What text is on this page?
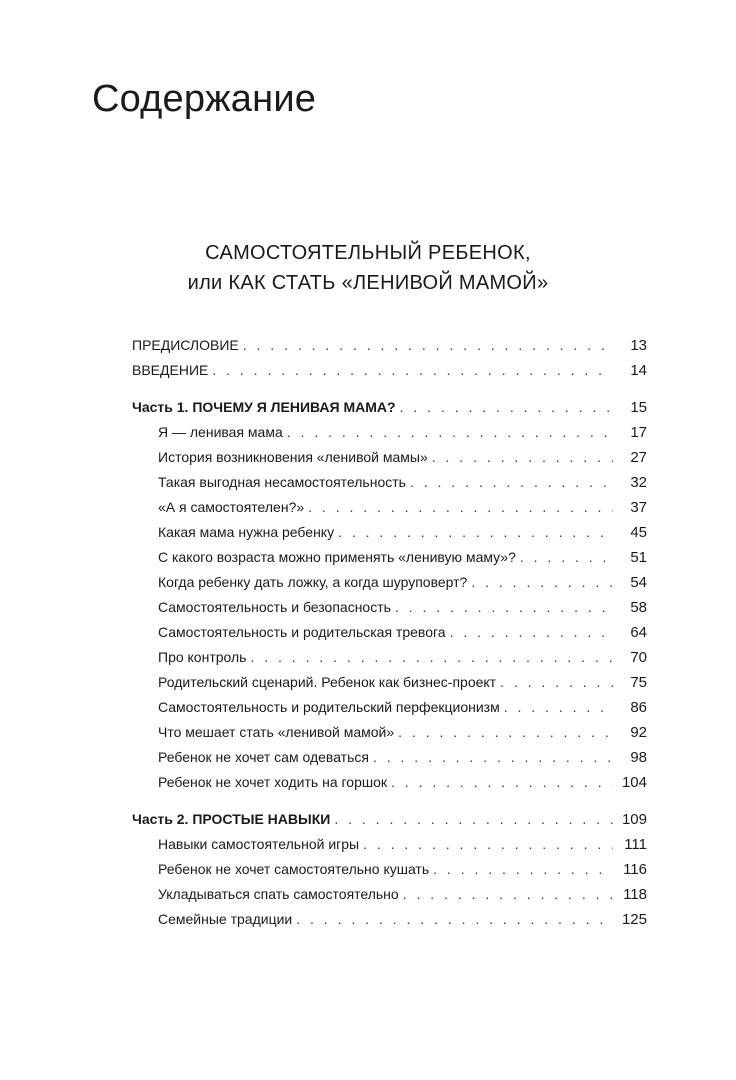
Содержание
САМОСТОЯТЕЛЬНЫЙ РЕБЕНОК,
или КАК СТАТЬ «ЛЕНИВОЙ МАМОЙ»
ПРЕДИСЛОВИЕ . . .	13
ВВЕДЕНИЕ . . .	14
Часть 1. ПОЧЕМУ Я ЛЕНИВАЯ МАМА? . . .	15
Я — ленивая мама . . .	17
История возникновения «ленивой мамы» . . .	27
Такая выгодная несамостоятельность . . .	32
«А я самостоятелен?» . . .	37
Какая мама нужна ребенку . . .	45
С какого возраста можно применять «ленивую маму»? . . .	51
Когда ребенку дать ложку, а когда шуруповерт? . . .	54
Самостоятельность и безопасность . . .	58
Самостоятельность и родительская тревога . . .	64
Про контроль . . .	70
Родительский сценарий. Ребенок как бизнес-проект . . .	75
Самостоятельность и родительский перфекционизм . . .	86
Что мешает стать «ленивой мамой» . . .	92
Ребенок не хочет сам одеваться . . .	98
Ребенок не хочет ходить на горшок . . .	104
Часть 2. ПРОСТЫЕ НАВЫКИ . . .	109
Навыки самостоятельной игры . . .	111
Ребенок не хочет самостоятельно кушать . . .	116
Укладываться спать самостоятельно . . .	118
Семейные традиции . . .	125
